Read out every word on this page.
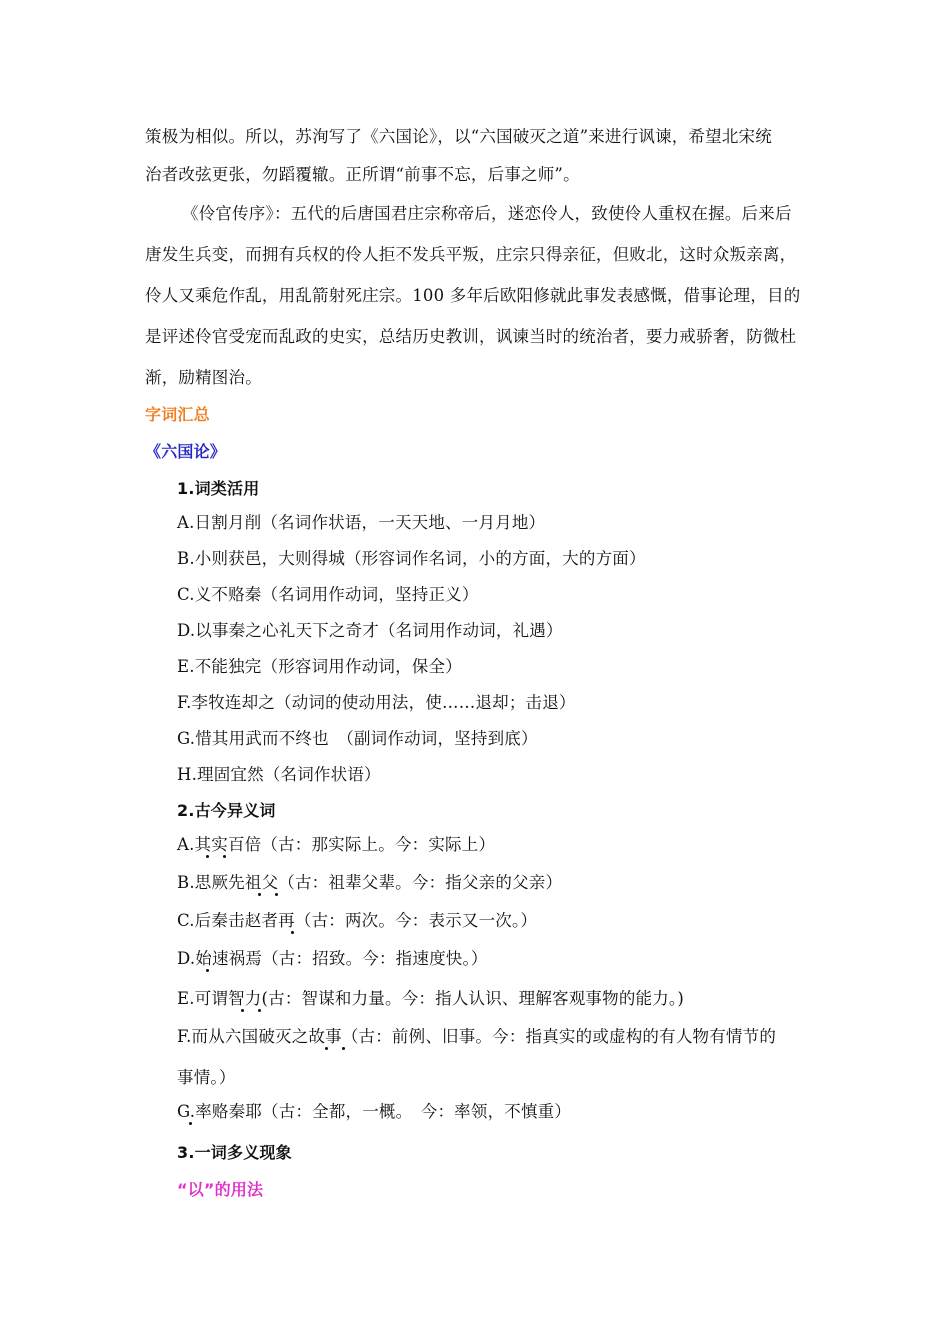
策极为相似。所以，苏洵写了《六国论》，以“六国破灭之道”来进行讽谏，希望北宋统
治者改弦更张，勿蹈覆辙。正所谓“前事不忘，后事之师”。
《伶官传序》：五代的后唐国君庄宗称帝后，迷恋伶人，致使伶人重权在握。后来后
唐发生兵变，而拥有兵权的伶人拒不发兵平叛，庄宗只得亲征，但败北，这时众叛亲离，
伶人又乘危作乱，用乱箭射死庄宗。100 多年后欧阳修就此事发表感慨，借事论理，目的
是评述伶官受宠而乱政的史实，总结历史教训，讽谏当时的统治者，要力戒骄奢，防微杜
渐，励精图治。
字词汇总
《六国论》
1.词类活用
A.日割月削（名词作状语，一天天地、一月月地）
B.小则获邑，大则得城（形容词作名词，小的方面，大的方面）
C.义不赂秦（名词用作动词，坚持正义）
D.以事秦之心礼天下之奇才（名词用作动词，礼遇）
E.不能独完（形容词用作动词，保全）
F.李牧连却之（动词的使动用法，使……退却；击退）
G.惜其用武而不终也　（副词作动词，坚持到底）
H.理固宜然（名词作状语）
2.古今异义词
A.其实百倍（古：那实际上。今：实际上）
B.思厥先祖父（古：祖辈父辈。今：指父亲的父亲）
C.后秦击赵者再（古：两次。今：表示又一次。）
D.始速祸焉（古：招致。今：指速度快。）
E.可谓智力(古：智谋和力量。今：指人认识、理解客观事物的能力。)
F.而从六国破灭之故事（古：前例、旧事。今：指真实的或虚构的有人物有情节的
事情。）
G.率赂秦耶（古：全都，一概。　今：率领，不慎重）
3.一词多义现象
“以”的用法
